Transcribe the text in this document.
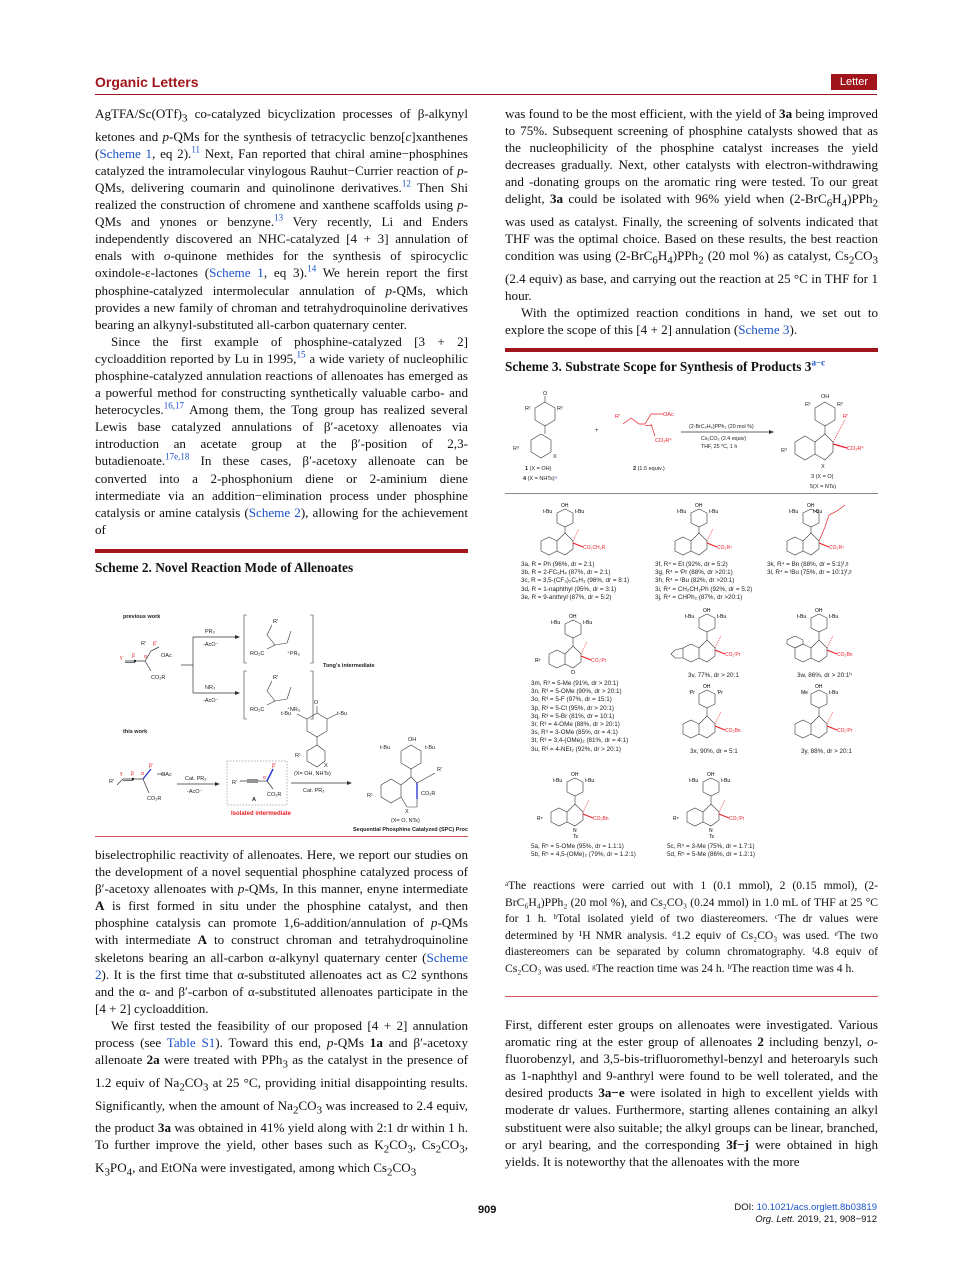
Organic Letters	Letter

AgTFA/$Sc(OTf)_3$ co-catalyzed bicyclization processes of β-alkynyl ketones and p-QMs for the synthesis of tetracyclic benzo[c]xanthenes (Scheme 1, eq 2).$^{11}$ Next, Fan reported that chiral amine−phosphines catalyzed the intramolecular vinylogous Rauhut−Currier reaction of p-QMs, delivering coumarin and quinolinone derivatives.$^{12}$ Then Shi realized the construction of chromene and xanthene scaffolds using p-QMs and ynones or benzyne.$^{13}$ Very recently, Li and Enders independently discovered an NHC-catalyzed [4 + 3] annulation of enals with o-quinone methides for the synthesis of spirocyclic oxindole-ε-lactones (Scheme 1, eq 3).$^{14}$ We herein report the first phosphine-catalyzed intermolecular annulation of p-QMs, which provides a new family of chroman and tetrahydroquinoline derivatives bearing an alkynyl-substituted all-carbon quaternary center.

Since the first example of phosphine-catalyzed [3 + 2] cycloaddition reported by Lu in 1995,15 a wide variety of nucleophilic phosphine-catalyzed annulation reactions of allenoates has emerged as a powerful method for constructing synthetically valuable carbo- and heterocycles.$^{16,17}$ Among them, the Tong group has realized several Lewis base catalyzed annulations of β′-acetoxy allenoates via introduction an acetate group at the β′-position of 2,3-butadienoate.$^{17e,18}$ In these cases, β′-acetoxy allenoate can be converted into a 2-phosphonium diene or 2-aminium diene intermediate via an addition−elimination process under phosphine catalysis or amine catalysis (Scheme 2), allowing for the achievement of

Scheme 2. Novel Reaction Mode of Allenoates
previous work
γ β α
β′
R′
OAc
CO₂R
PR₃
-AcO⁻
NR₃
-AcO⁻
R′
RO₂C	⁺PR₃
R′
RO₂C	⁺NR₃
Tong's intermediate
this work
R′
γ β α
β′
OAc
CO₂R
Cat. PR₃
-AcO⁻
R′
β′
α
CO₂R
A
Isolated intermediate
(X= OH, NHTs)
Cat. PR₃
O
t-Bu	t-Bu
R¹
X
OH
t-Bu	t-Bu
R′
CO₂R
R¹
X
(X= O, NTs)
Sequential Phosphine Catalyzed (SPC) Process

biselectrophilic reactivity of allenoates. Here, we report our studies on the development of a novel sequential phosphine catalyzed process of β′-acetoxy allenoates with p-QMs, In this manner, enyne intermediate A is first formed in situ under the phosphine catalyst, and then phosphine catalysis can promote 1,6-addition/annulation of p-QMs with intermediate A to construct chroman and tetrahydroquinoline skeletons bearing an all-carbon α-alkynyl quaternary center (Scheme 2). It is the first time that α-substituted allenoates act as C2 synthons and the α- and β′-carbon of α-substituted allenoates participate in the [4 + 2] cycloaddition.

We first tested the feasibility of our proposed [4 + 2] annulation process (see Table S1). Toward this end, p-QMs 1a and β′-acetoxy allenoate 2a were treated with PPh$_3$ as the catalyst in the presence of 1.2 equiv of $Na_2CO_3$ at 25 °C, providing initial disappointing results. Significantly, when the amount of $Na_2CO_3$ was increased to 2.4 equiv, the product 3a was obtained in 41% yield along with 2:1 dr within 1 h. To further improve the yield, other bases such as $K_2CO_3$, $Cs_2CO_3$, $K_3PO_4$, and EtONa were investigated, among which $Cs_2CO_3$

was found to be the most efficient, with the yield of 3a being improved to 75%. Subsequent screening of phosphine catalysts showed that as the nucleophilicity of the phosphine catalyst increases the yield decreases gradually. Next, other catalysts with electron-withdrawing and -donating groups on the aromatic ring were tested. To our great delight, 3a could be isolated with 96% yield when $(2-BrC_6H_4)PPh_2$ was used as catalyst. Finally, the screening of solvents indicated that THF was the optimal choice. Based on these results, the best reaction condition was using $(2-BrC_6H_4)PPh_2$ (20 mol %) as catalyst, $Cs_2CO_3$ (2.4 equiv) as base, and carrying out the reaction at 25 °C in THF for 1 hour.

With the optimized reaction conditions in hand, we set out to explore the scope of this [4 + 2] annulation (Scheme 3).

Scheme 3. Substrate Scope for Synthesis of Products $3^{a-c}$
O
R¹	R²
R³
X
1 (X = OH)
4 (X = NHTs)ᵈ
+
R′	OAc
CO₂R⁴
2 (1.5 equiv.)
(2-BrC₆H₄)PPh₂ (20 mol %)
Cs₂CO₃ (2.4 equiv)
THF, 25 °C, 1 h
OH
R¹	R²
R′
CO₂R⁴
R³
X
3 (X = O)
5(X = NTs)
OH
t-Bu	t-Bu
CO₂CH₂R
3a, R = Ph (96%, dr = 2:1)
3b, R = 2-FC₆H₄ (87%, dr = 2:1)
3c, R = 3,5-(CF₃)₂C₆H₃ (96%, dr = 8:1)
3d, R = 1-naphthyl (95%, dr = 3:1)
3e, R = 9-anthryl (87%, dr = 5:2)
OH
t-Bu	t-Bu
CO₂R⁴
3f, R⁴ = Et (92%, dr = 5:2)
3g, R⁴ = ⁱPr (88%, dr >20:1)
3h, R⁴ = ᵗBu (82%, dr >20:1)
3i, R⁴ = CH₂CH₂Ph (92%, dr = 5:2)
3j, R⁴ = CHPh₂ (87%, dr >20:1)
OH
t-Bu	t-Bu
CO₂R⁴
3k, R⁴ = Bn (88%, dr = 5:1)ᶠ,ᵍ
3l, R⁴ = ᵗBu (75%, dr = 10:1)ᶠ,ᵍ
OH
t-Bu	t-Bu
R³
O
CO₂ⁱPr
3m, R³ = 5-Me (91%, dr > 20:1)
3n, R³ = 5-OMe (90%, dr > 20:1)
3o, R³ = 5-F (97%, dr = 15:1)
3p, R³ = 5-Cl (95%, dr > 20:1)
3q, R³ = 5-Br (81%, dr = 10:1)
3r, R³ = 4-OMe (88%, dr > 20:1)
3s, R³ = 3-OMe (85%, dr = 4:1)
3t, R³ = 3,4-(OMe)₂ (81%, dr = 4:1)
3u, R³ = 4-NEt₂ (92%, dr > 20:1)
OH
t-Bu	t-Bu
CO₂ⁱPr
3v, 77%, dr > 20:1
OH
t-Bu	t-Bu
CO₂Bn
3w, 86%, dr > 20:1ʰ
OH
ⁱPr	ⁱPr
CO₂Bn
3x, 90%, dr = 5:1
OH
Me	t-Bu
CO₂ⁱPr
3y, 88%, dr > 20:1
OH
t-Bu	t-Bu
R⁵
N
Ts
CO₂Bn
5a, R⁵ = 5-OMe (95%, dr = 1.1:1)
5b, R⁵ = 4,5-(OMe)₂ (79%, dr = 1.2:1)
OH
t-Bu	t-Bu
R⁵
N
Ts
CO₂ⁱPr
5c, R⁵ = 3-Me (75%, dr = 1.7:1)
5d, R⁵ = 5-Me (86%, dr = 1.2:1)
ᵃThe reactions were carried out with 1 (0.1 mmol), 2 (0.15 mmol), (2-BrC₆H₄)PPh₂ (20 mol %), and Cs₂CO₃ (0.24 mmol) in 1.0 mL of THF at 25 °C for 1 h. ᵇTotal isolated yield of two diastereomers. ᶜThe dr values were determined by ¹H NMR analysis. ᵈ1.2 equiv of Cs₂CO₃ was used. ᵉThe two diastereomers can be separated by column chromatography. ᶠ4.8 equiv of Cs₂CO₃ was used. ᵍThe reaction time was 24 h. ʰThe reaction time was 4 h.

First, different ester groups on allenoates were investigated. Various aromatic ring at the ester group of allenoates 2 including benzyl, o-fluorobenzyl, and 3,5-bis-trifluoromethyl-benzyl and heteroaryls such as 1-naphthyl and 9-anthryl were found to be well tolerated, and the desired products 3a−e were isolated in high to excellent yields with moderate dr values. Furthermore, starting allenes containing an alkyl substituent were also suitable; the alkyl groups can be linear, branched, or aryl bearing, and the corresponding 3f−j were obtained in high yields. It is noteworthy that the allenoates with the more

909	DOI: 10.1021/acs.orglett.8b03819
Org. Lett. 2019, 21, 908−912
